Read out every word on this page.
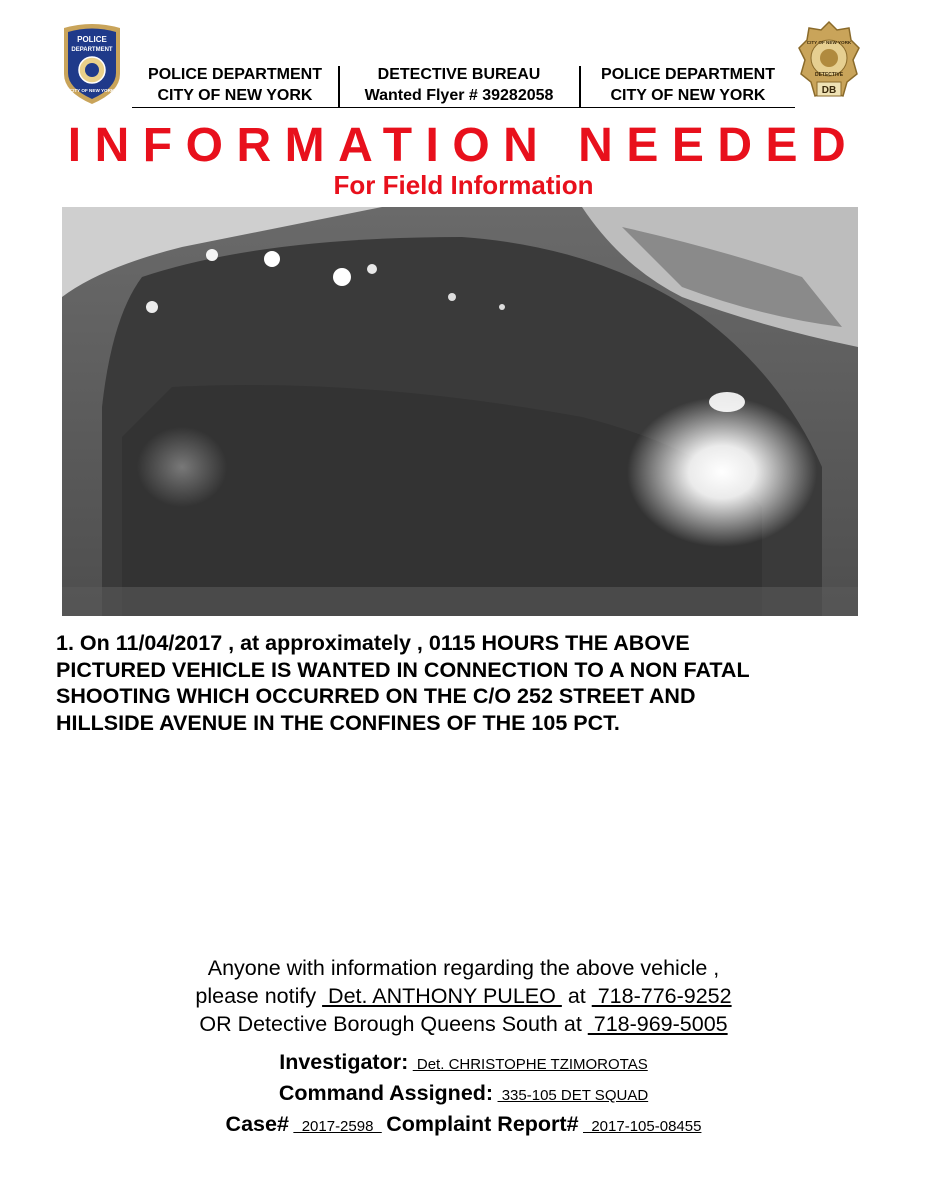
POLICE
DEPARTMENT
CITY OF NEW YORK
POLICE DEPARTMENT
CITY OF NEW YORK
DETECTIVE BUREAU
Wanted Flyer # 39282058
POLICE DEPARTMENT
CITY OF NEW YORK
CITY OF NEW YORK
DETECTIVE
DB
INFORMATION NEEDED
For Field Information
1. On 11/04/2017 , at approximately , 0115 HOURS THE ABOVE
PICTURED VEHICLE IS WANTED IN CONNECTION TO A NON FATAL
SHOOTING WHICH OCCURRED ON THE C/O 252 STREET AND
HILLSIDE AVENUE IN THE CONFINES OF THE 105 PCT.
Anyone with information regarding the above vehicle ,
please notify  Det. ANTHONY PULEO  at  718-776-9252
OR Detective Borough Queens South at  718-969-5005
Investigator:  Det. CHRISTOPHE TZIMOROTAS
Command Assigned:  335-105 DET SQUAD
Case#   2017-2598   Complaint Report#   2017-105-08455
